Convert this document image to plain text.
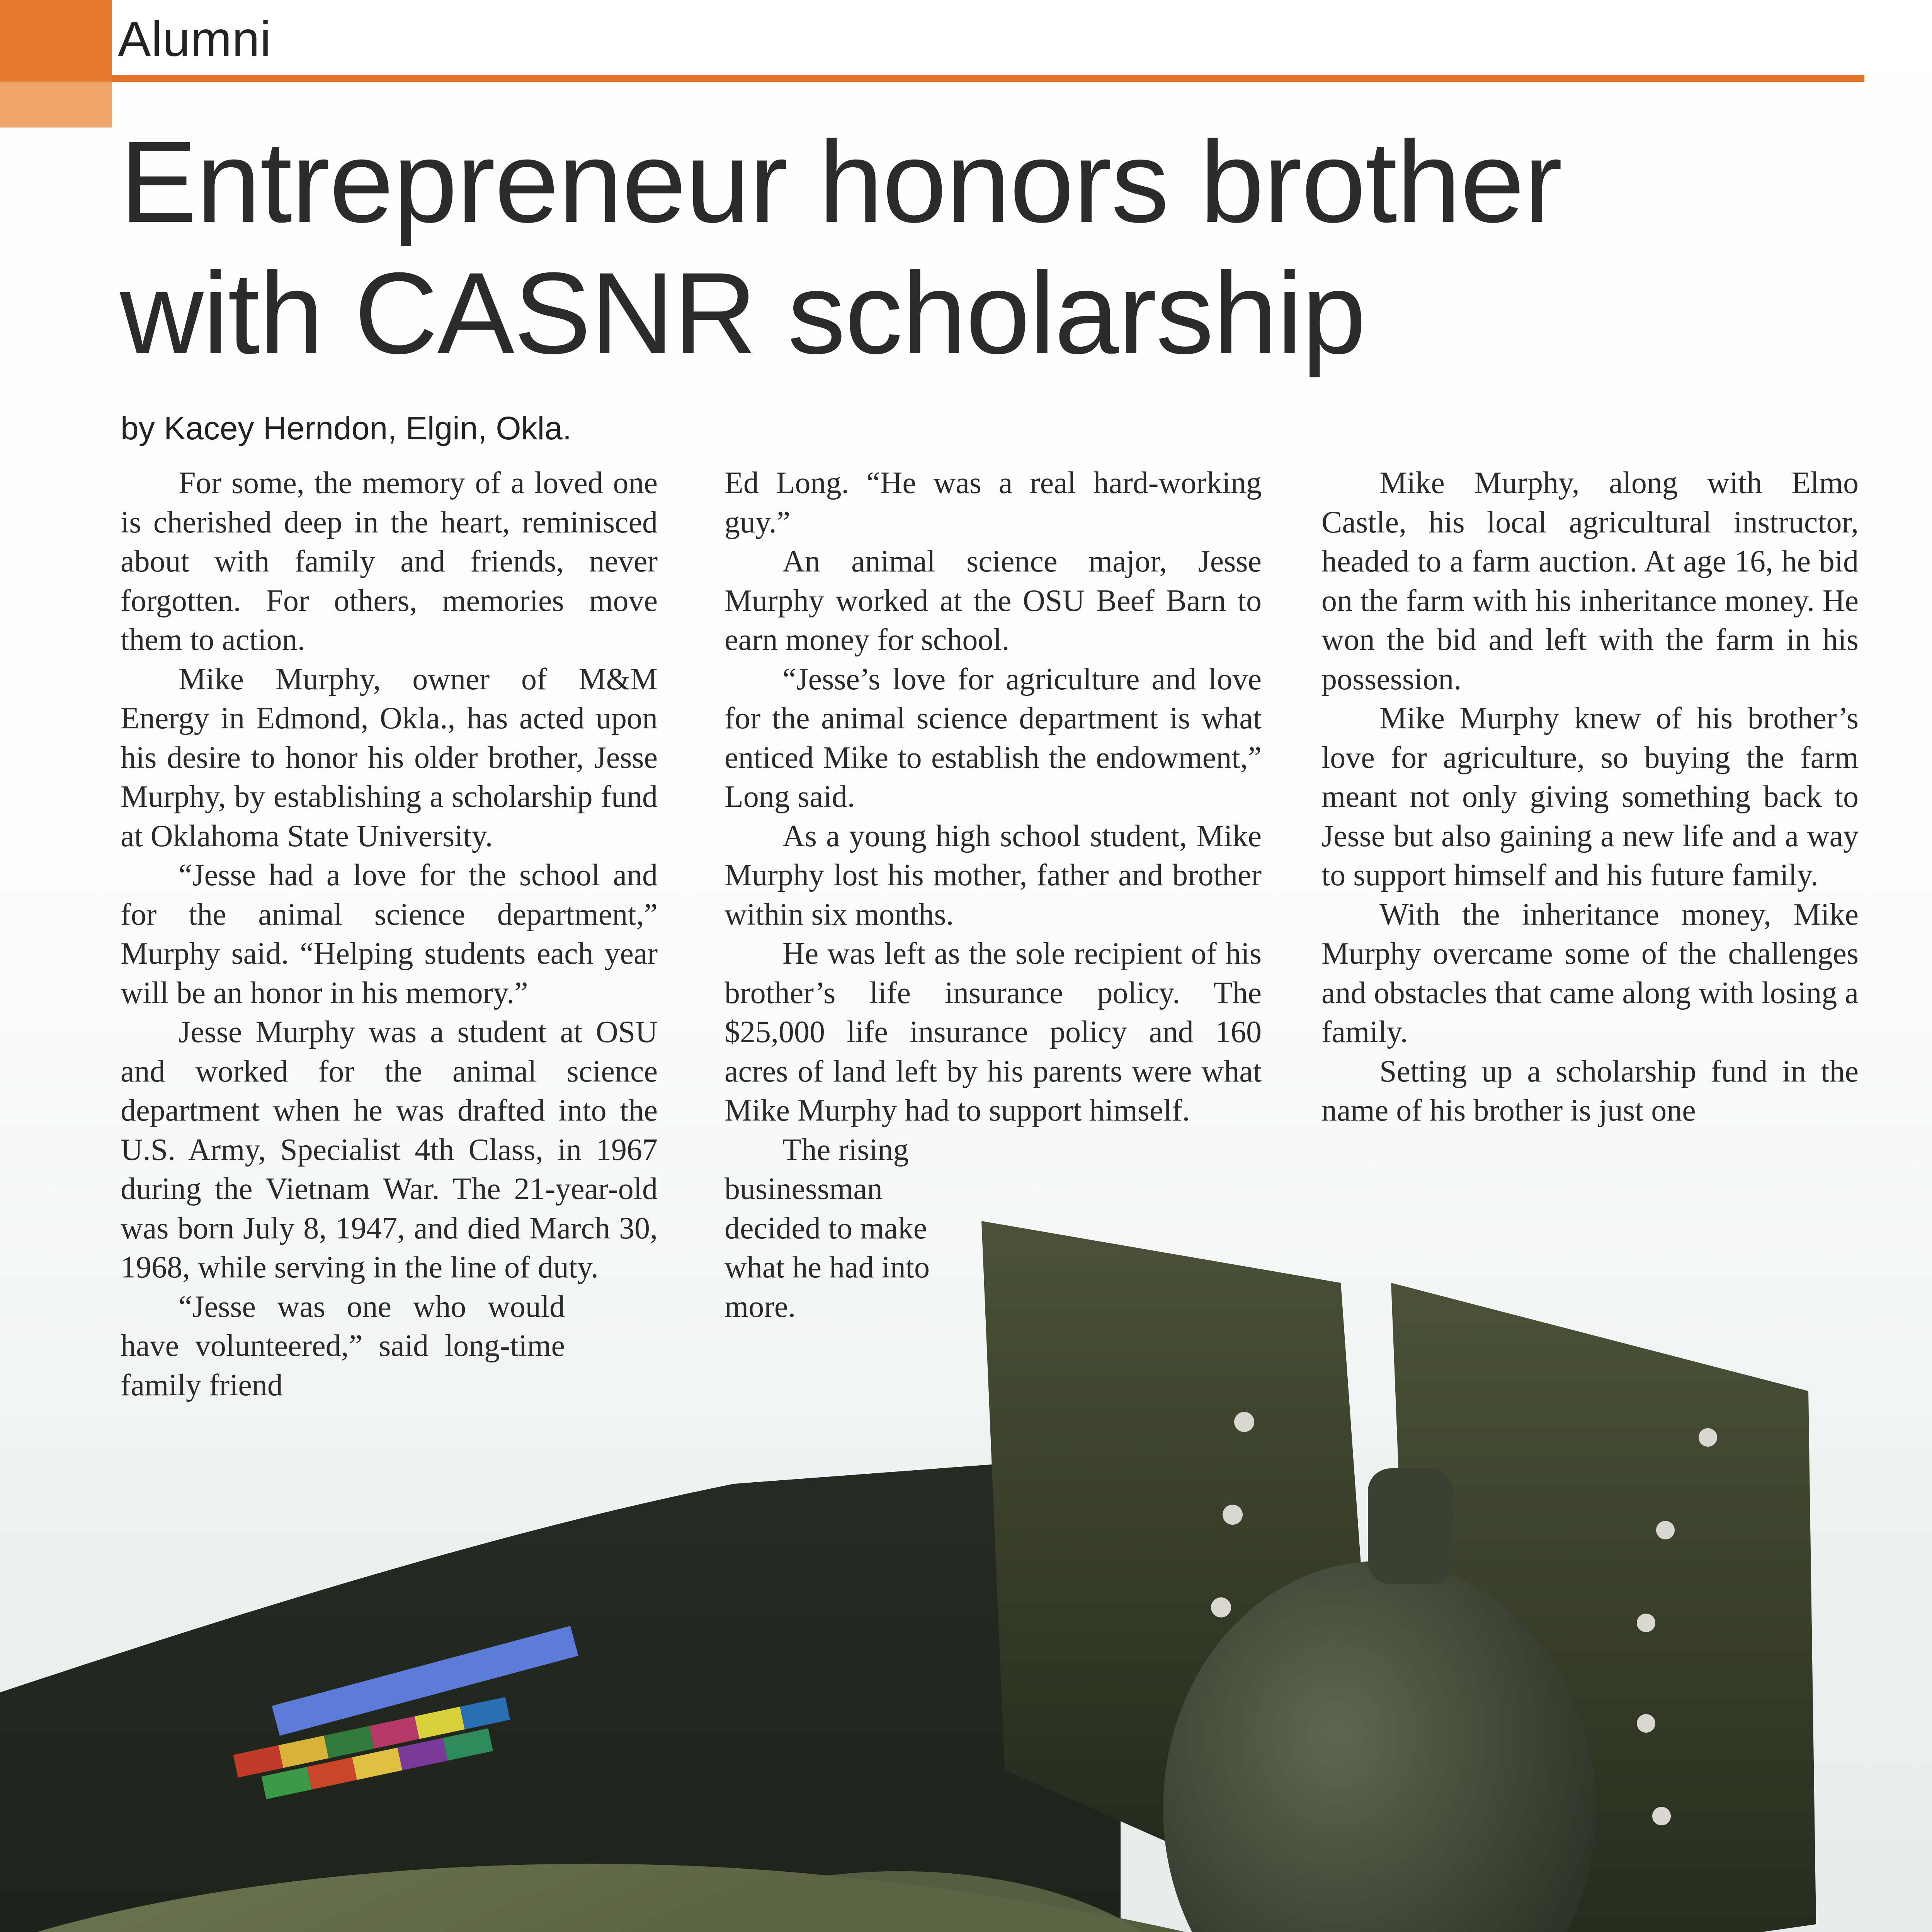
Alumni
Entrepreneur honors brother
with CASNR scholarship
by Kacey Herndon, Elgin, Okla.

For some, the memory of a loved one is cherished deep in the heart, reminisced about with family and friends, never forgotten. For others, memories move them to action.

Mike Murphy, owner of M&M Energy in Edmond, Okla., has acted upon his desire to honor his older brother, Jesse Murphy, by establishing a scholarship fund at Oklahoma State University.

“Jesse had a love for the school and for the animal science department,” Murphy said. “Helping students each year will be an honor in his memory.”

Jesse Murphy was a student at OSU and worked for the animal science department when he was drafted into the U.S. Army, Specialist 4th Class, in 1967 during the Vietnam War. The 21-year-old was born July 8, 1947, and died March 30, 1968, while serving in the line of duty.

“Jesse was one who would have volunteered,” said long-time family friend

Ed Long. “He was a real hard-working guy.”

An animal science major, Jesse Murphy worked at the OSU Beef Barn to earn money for school.

“Jesse’s love for agriculture and love for the animal science department is what enticed Mike to establish the endowment,” Long said.

As a young high school student, Mike Murphy lost his mother, father and brother within six months.

He was left as the sole recipient of his brother’s life insurance policy. The $25,000 life insurance policy and 160 acres of land left by his parents were what Mike Murphy had to support himself.

The rising businessman decided to make what he had into more.

Mike Murphy, along with Elmo Castle, his local agricultural instructor, headed to a farm auction. At age 16, he bid on the farm with his inheritance money. He won the bid and left with the farm in his possession.

Mike Murphy knew of his brother’s love for agriculture, so buying the farm meant not only giving something back to Jesse but also gaining a new life and a way to support himself and his future family.

With the inheritance money, Mike Murphy overcame some of the challenges and obstacles that came along with losing a family.

Setting up a scholarship fund in the name of his brother is just one
